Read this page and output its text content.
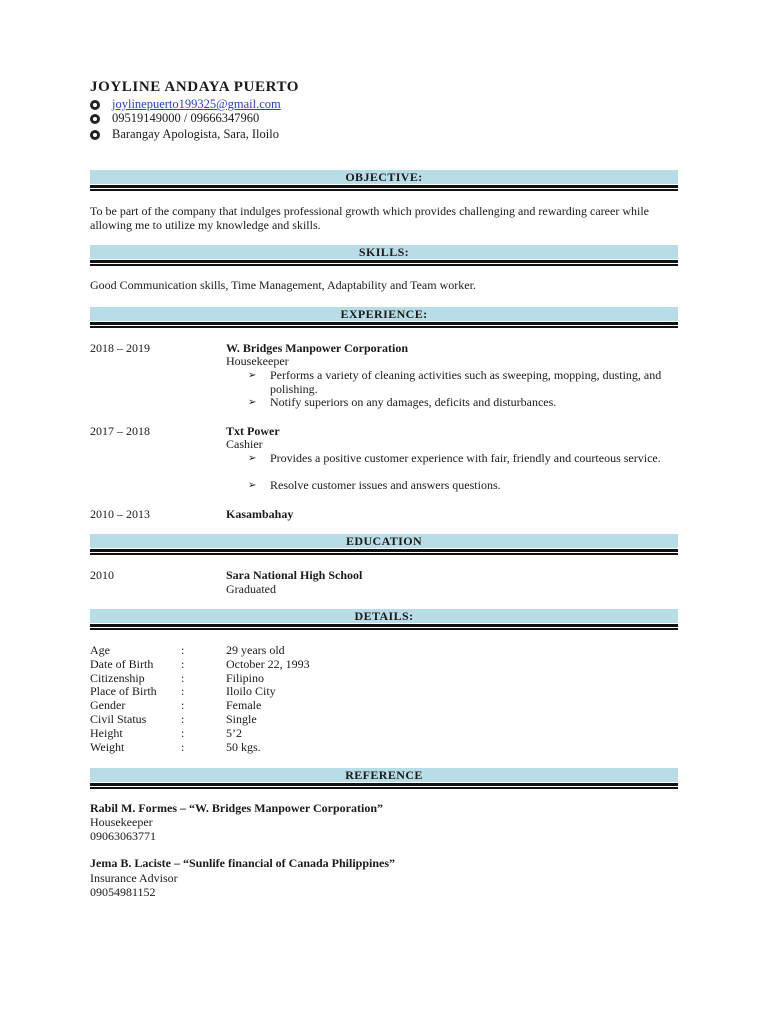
JOYLINE ANDAYA PUERTO
joylinepuerto199325@gmail.com
09519149000 / 09666347960
Barangay Apologista, Sara, Iloilo
OBJECTIVE:
To be part of the company that indulges professional growth which provides challenging and rewarding career while allowing me to utilize my knowledge and skills.
SKILLS:
Good Communication skills, Time Management, Adaptability and Team worker.
EXPERIENCE:
2018 – 2019	W. Bridges Manpower Corporation
Housekeeper
➢	Performs a variety of cleaning activities such as sweeping, mopping, dusting, and polishing.
➢	Notify superiors on any damages, deficits and disturbances.
2017 – 2018	Txt Power
Cashier
➢	Provides a positive customer experience with fair, friendly and courteous service.
➢	Resolve customer issues and answers questions.
2010 – 2013	Kasambahay
EDUCATION
2010	Sara National High School
Graduated
DETAILS:
Age	:	29 years old
Date of Birth :	October 22, 1993
Citizenship	:	Filipino
Place of Birth :	Iloilo City
Gender	:	Female
Civil Status	:	Single
Height	:	5’2
Weight	:	50 kgs.
REFERENCE
Rabil M. Formes – “W. Bridges Manpower Corporation”
Housekeeper
09063063771
Jema B. Laciste – “Sunlife financial of Canada Philippines”
Insurance Advisor
09054981152
